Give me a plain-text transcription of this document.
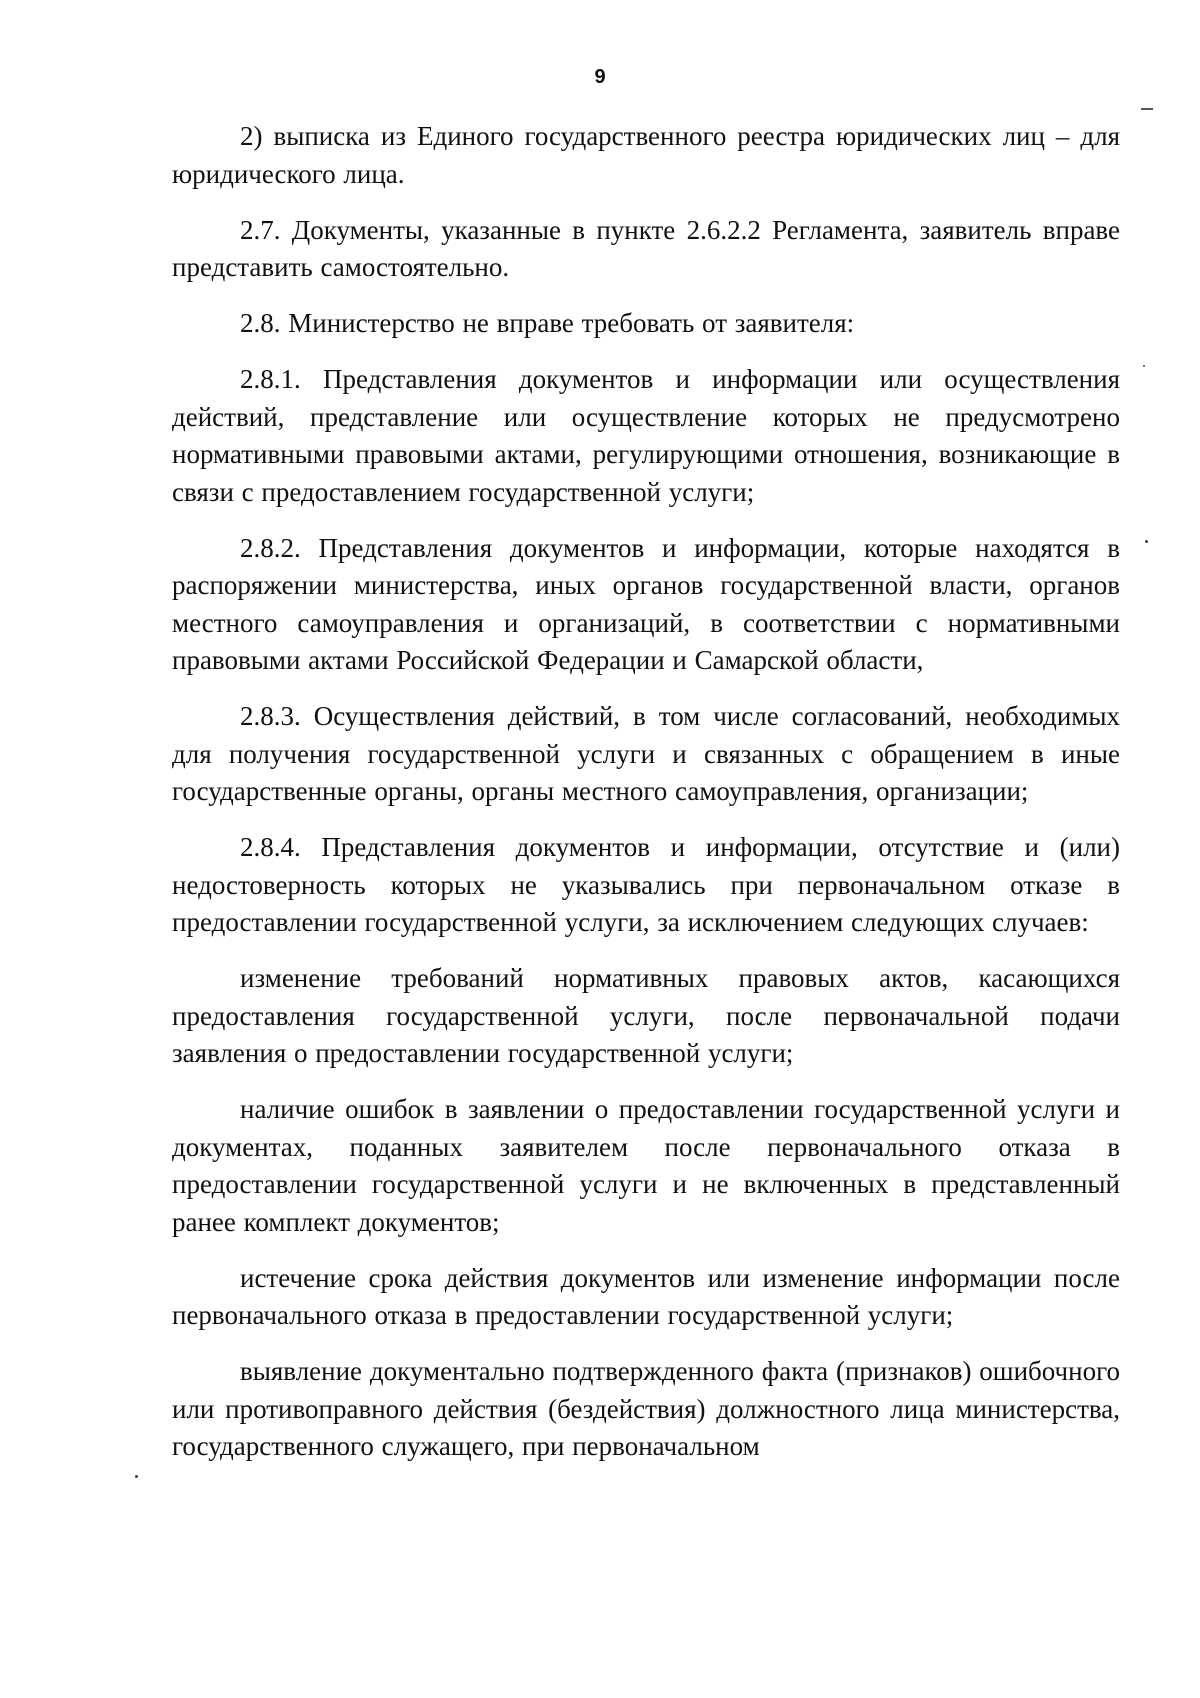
9

2) выписка из Единого государственного реестра юридических лиц – для юридического лица.

2.7. Документы, указанные в пункте 2.6.2.2 Регламента, заявитель вправе представить самостоятельно.

2.8. Министерство не вправе требовать от заявителя:

2.8.1. Представления документов и информации или осуществления действий, представление или осуществление которых не предусмотрено нормативными правовыми актами, регулирующими отношения, возникающие в связи с предоставлением государственной услуги;

2.8.2. Представления документов и информации, которые находятся в распоряжении министерства, иных органов государственной власти, органов местного самоуправления и организаций, в соответствии с нормативными правовыми актами Российской Федерации и Самарской области,

2.8.3. Осуществления действий, в том числе согласований, необходимых для получения государственной услуги и связанных с обращением в иные государственные органы, органы местного самоуправления, организации;

2.8.4. Представления документов и информации, отсутствие и (или) недостоверность которых не указывались при первоначальном отказе в предоставлении государственной услуги, за исключением следующих случаев:

изменение требований нормативных правовых актов, касающихся предоставления государственной услуги, после первоначальной подачи заявления о предоставлении государственной услуги;

наличие ошибок в заявлении о предоставлении государственной услуги и документах, поданных заявителем после первоначального отказа в предоставлении государственной услуги и не включенных в представленный ранее комплект документов;

истечение срока действия документов или изменение информации после первоначального отказа в предоставлении государственной услуги;

выявление документально подтвержденного факта (признаков) ошибочного или противоправного действия (бездействия) должностного лица министерства, государственного служащего, при первоначальном
